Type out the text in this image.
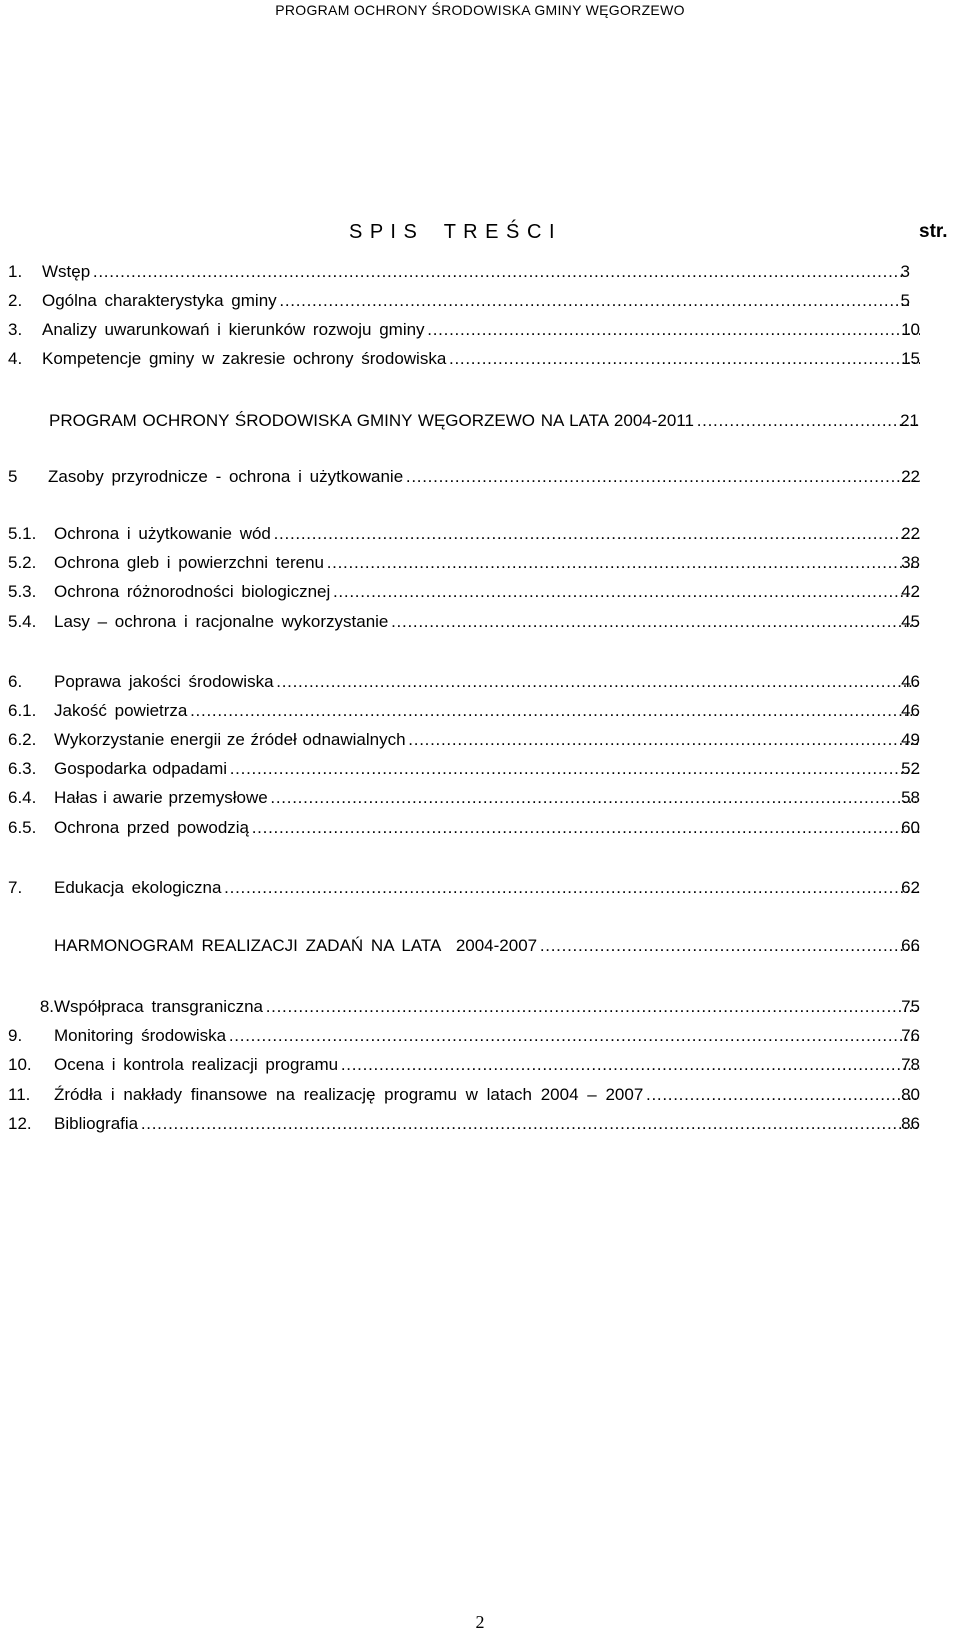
PROGRAM OCHRONY ŚRODOWISKA GMINY WĘGORZEWO
S P I S    T R E Ś C I	str.
1.	Wstęp . . .	3
2.	Ogólna charakterystyka gminy . . .	5
3.	Analizy uwarunkowań i kierunków rozwoju gminy . . .	10
4.	Kompetencje gminy w zakresie ochrony środowiska . . .	15
PROGRAM OCHRONY ŚRODOWISKA GMINY WĘGORZEWO NA LATA 2004-2011 . . .	21
5	Zasoby przyrodnicze - ochrona i użytkowanie . . .	22
5.1.	Ochrona i użytkowanie wód . . .	22
5.2.	Ochrona gleb i powierzchni terenu . . .	38
5.3.	Ochrona różnorodności biologicznej . . .	42
5.4.	Lasy – ochrona i racjonalne wykorzystanie . . .	45
6.	Poprawa jakości środowiska . . .	46
6.1.	Jakość powietrza . . .	46
6.2.	Wykorzystanie energii ze źródeł odnawialnych . . .	49
6.3.	Gospodarka odpadami . . .	52
6.4.	Hałas i awarie przemysłowe . . .	58
6.5.	Ochrona przed powodzią . . .	60
7.	Edukacja ekologiczna . . .	62
HARMONOGRAM REALIZACJI ZADAŃ NA LATA  2004-2007 . . .	66
8. Współpraca transgraniczna . . .	75
9.	Monitoring środowiska . . .	76
10.	Ocena i kontrola realizacji programu . . .	78
11.	Źródła i nakłady finansowe na realizację programu w latach 2004 – 2007 . . .	80
12.	Bibliografia . . .	86
2
